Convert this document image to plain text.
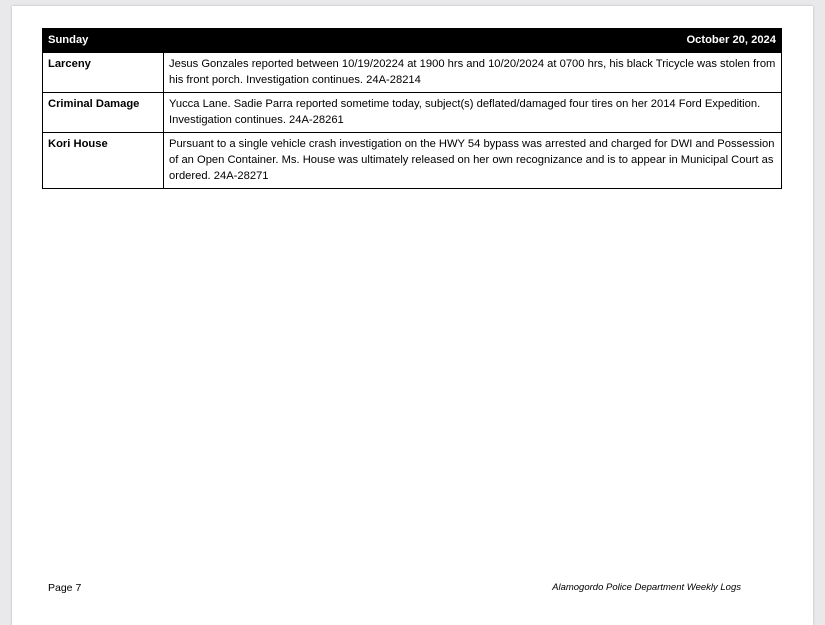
Sunday	October 20, 2024
Larceny	Jesus Gonzales reported between 10/19/20224 at 1900 hrs and 10/20/2024 at 0700 hrs, his black Tricycle was stolen from his front porch. Investigation continues. 24A-28214
Criminal Damage	Yucca Lane. Sadie Parra reported sometime today, subject(s) deflated/damaged four tires on her 2014 Ford Expedition. Investigation continues. 24A-28261
Kori House	Pursuant to a single vehicle crash investigation on the HWY 54 bypass was arrested and charged for DWI and Possession of an Open Container. Ms. House was ultimately released on her own recognizance and is to appear in Municipal Court as ordered. 24A-28271
Page 7	Alamogordo Police Department Weekly Logs
